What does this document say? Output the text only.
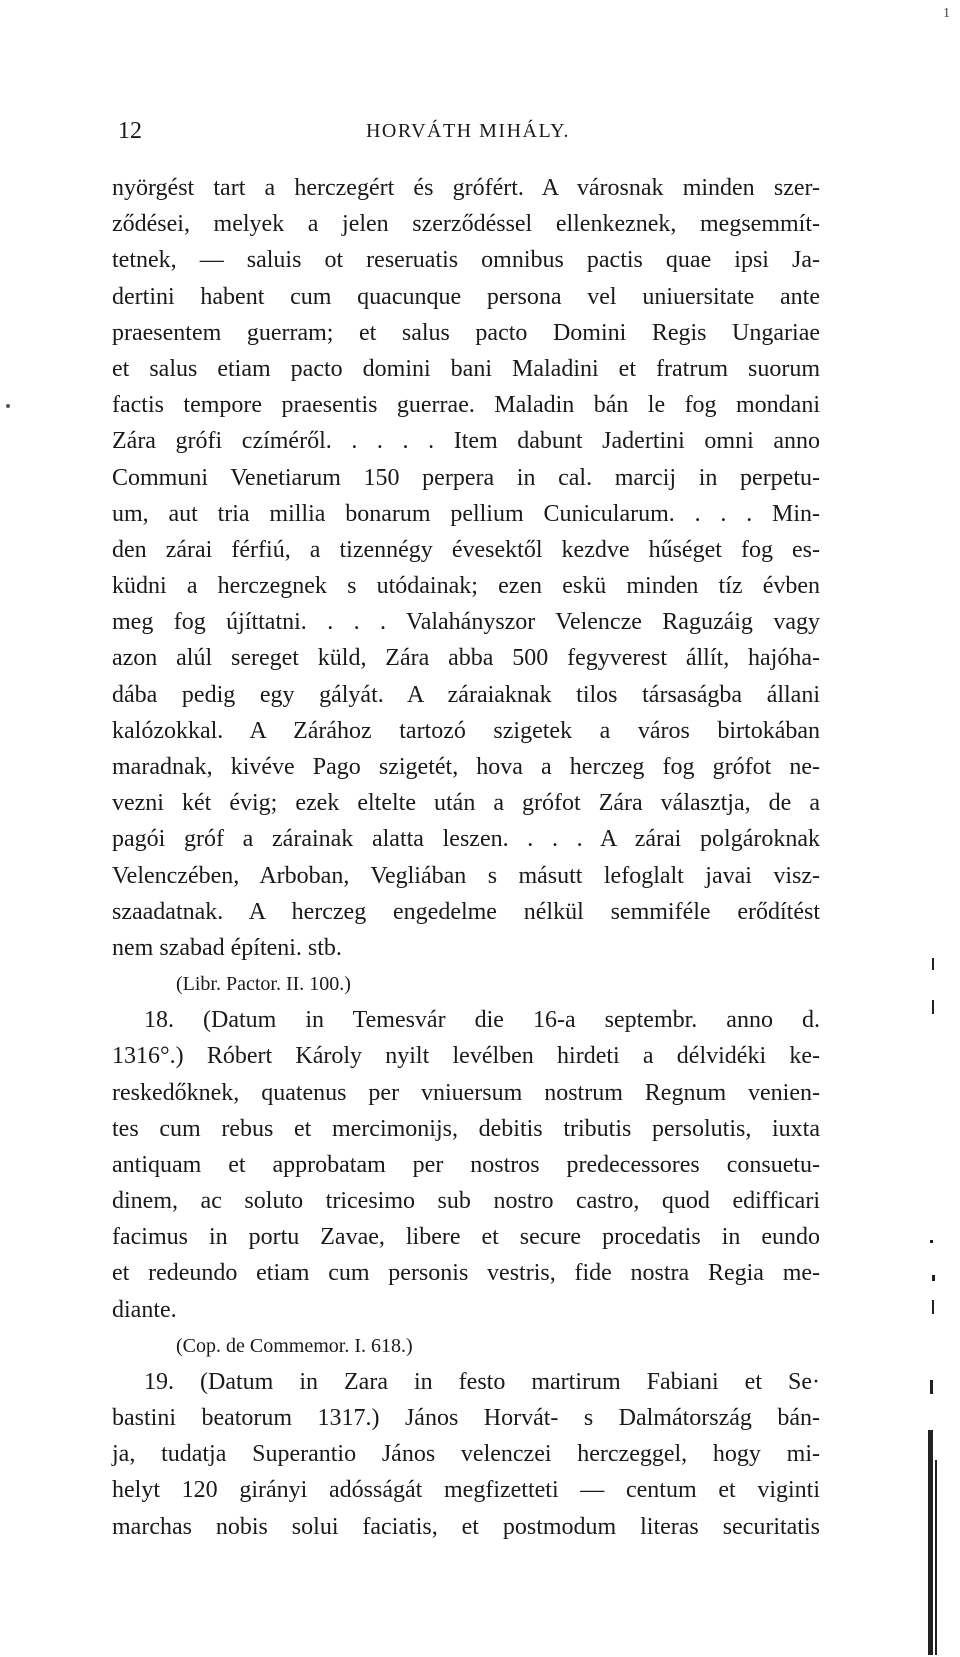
1
12	HORVÁTH MIHÁLY.
nyörgést tart a herczegért és grófért. A városnak minden szer-
ződései, melyek a jelen szerződéssel ellenkeznek, megsemmít-
tetnek, — saluis ot reseruatis omnibus pactis quae ipsi Ja-
dertini habent cum quacunque persona vel uniuersitate ante
praesentem guerram; et salus pacto Domini Regis Ungariae
et salus etiam pacto domini bani Maladini et fratrum suorum
factis tempore praesentis guerrae. Maladin bán le fog mondani
Zára grófi czíméről. . . . . Item dabunt Jadertini omni anno
Communi Venetiarum 150 perpera in cal. marcij in perpetu-
um, aut tria millia bonarum pellium Cunicularum. . . . Min-
den zárai férfiú, a tizennégy évesektől kezdve hűséget fog es-
küdni a herczegnek s utódainak; ezen eskü minden tíz évben
meg fog újíttatni. . . . Valahányszor Velencze Raguzáig vagy
azon alúl sereget küld, Zára abba 500 fegyverest állít, hajóha-
dába pedig egy gályát. A záraiaknak tilos társaságba állani
kalózokkal. A Zárához tartozó szigetek a város birtokában
maradnak, kivéve Pago szigetét, hova a herczeg fog grófot ne-
vezni két évig; ezek eltelte után a grófot Zára választja, de a
pagói gróf a zárainak alatta leszen. . . . A zárai polgároknak
Velenczében, Arboban, Vegliában s másutt lefoglalt javai visz-
szaadatnak. A herczeg engedelme nélkül semmiféle erődítést
nem szabad építeni. stb.
(Libr. Pactor. II. 100.)
18. (Datum in Temesvár die 16-a septembr. anno d.
1316°.) Róbert Károly nyilt levélben hirdeti a délvidéki ke-
reskedőknek, quatenus per vniuersum nostrum Regnum venien-
tes cum rebus et mercimonijs, debitis tributis persolutis, iuxta
antiquam et approbatam per nostros predecessores consuetu-
dinem, ac soluto tricesimo sub nostro castro, quod edifficari
facimus in portu Zavae, libere et secure procedatis in eundo
et redeundo etiam cum personis vestris, fide nostra Regia me-
diante.
(Cop. de Commemor. I. 618.)
19. (Datum in Zara in festo martirum Fabiani et Se·
bastini beatorum 1317.) János Horvát- s Dalmátország bán-
ja, tudatja Superantio János velenczei herczeggel, hogy mi-
helyt 120 girányi adósságát megfizetteti — centum et viginti
marchas nobis solui faciatis, et postmodum literas securitatis
